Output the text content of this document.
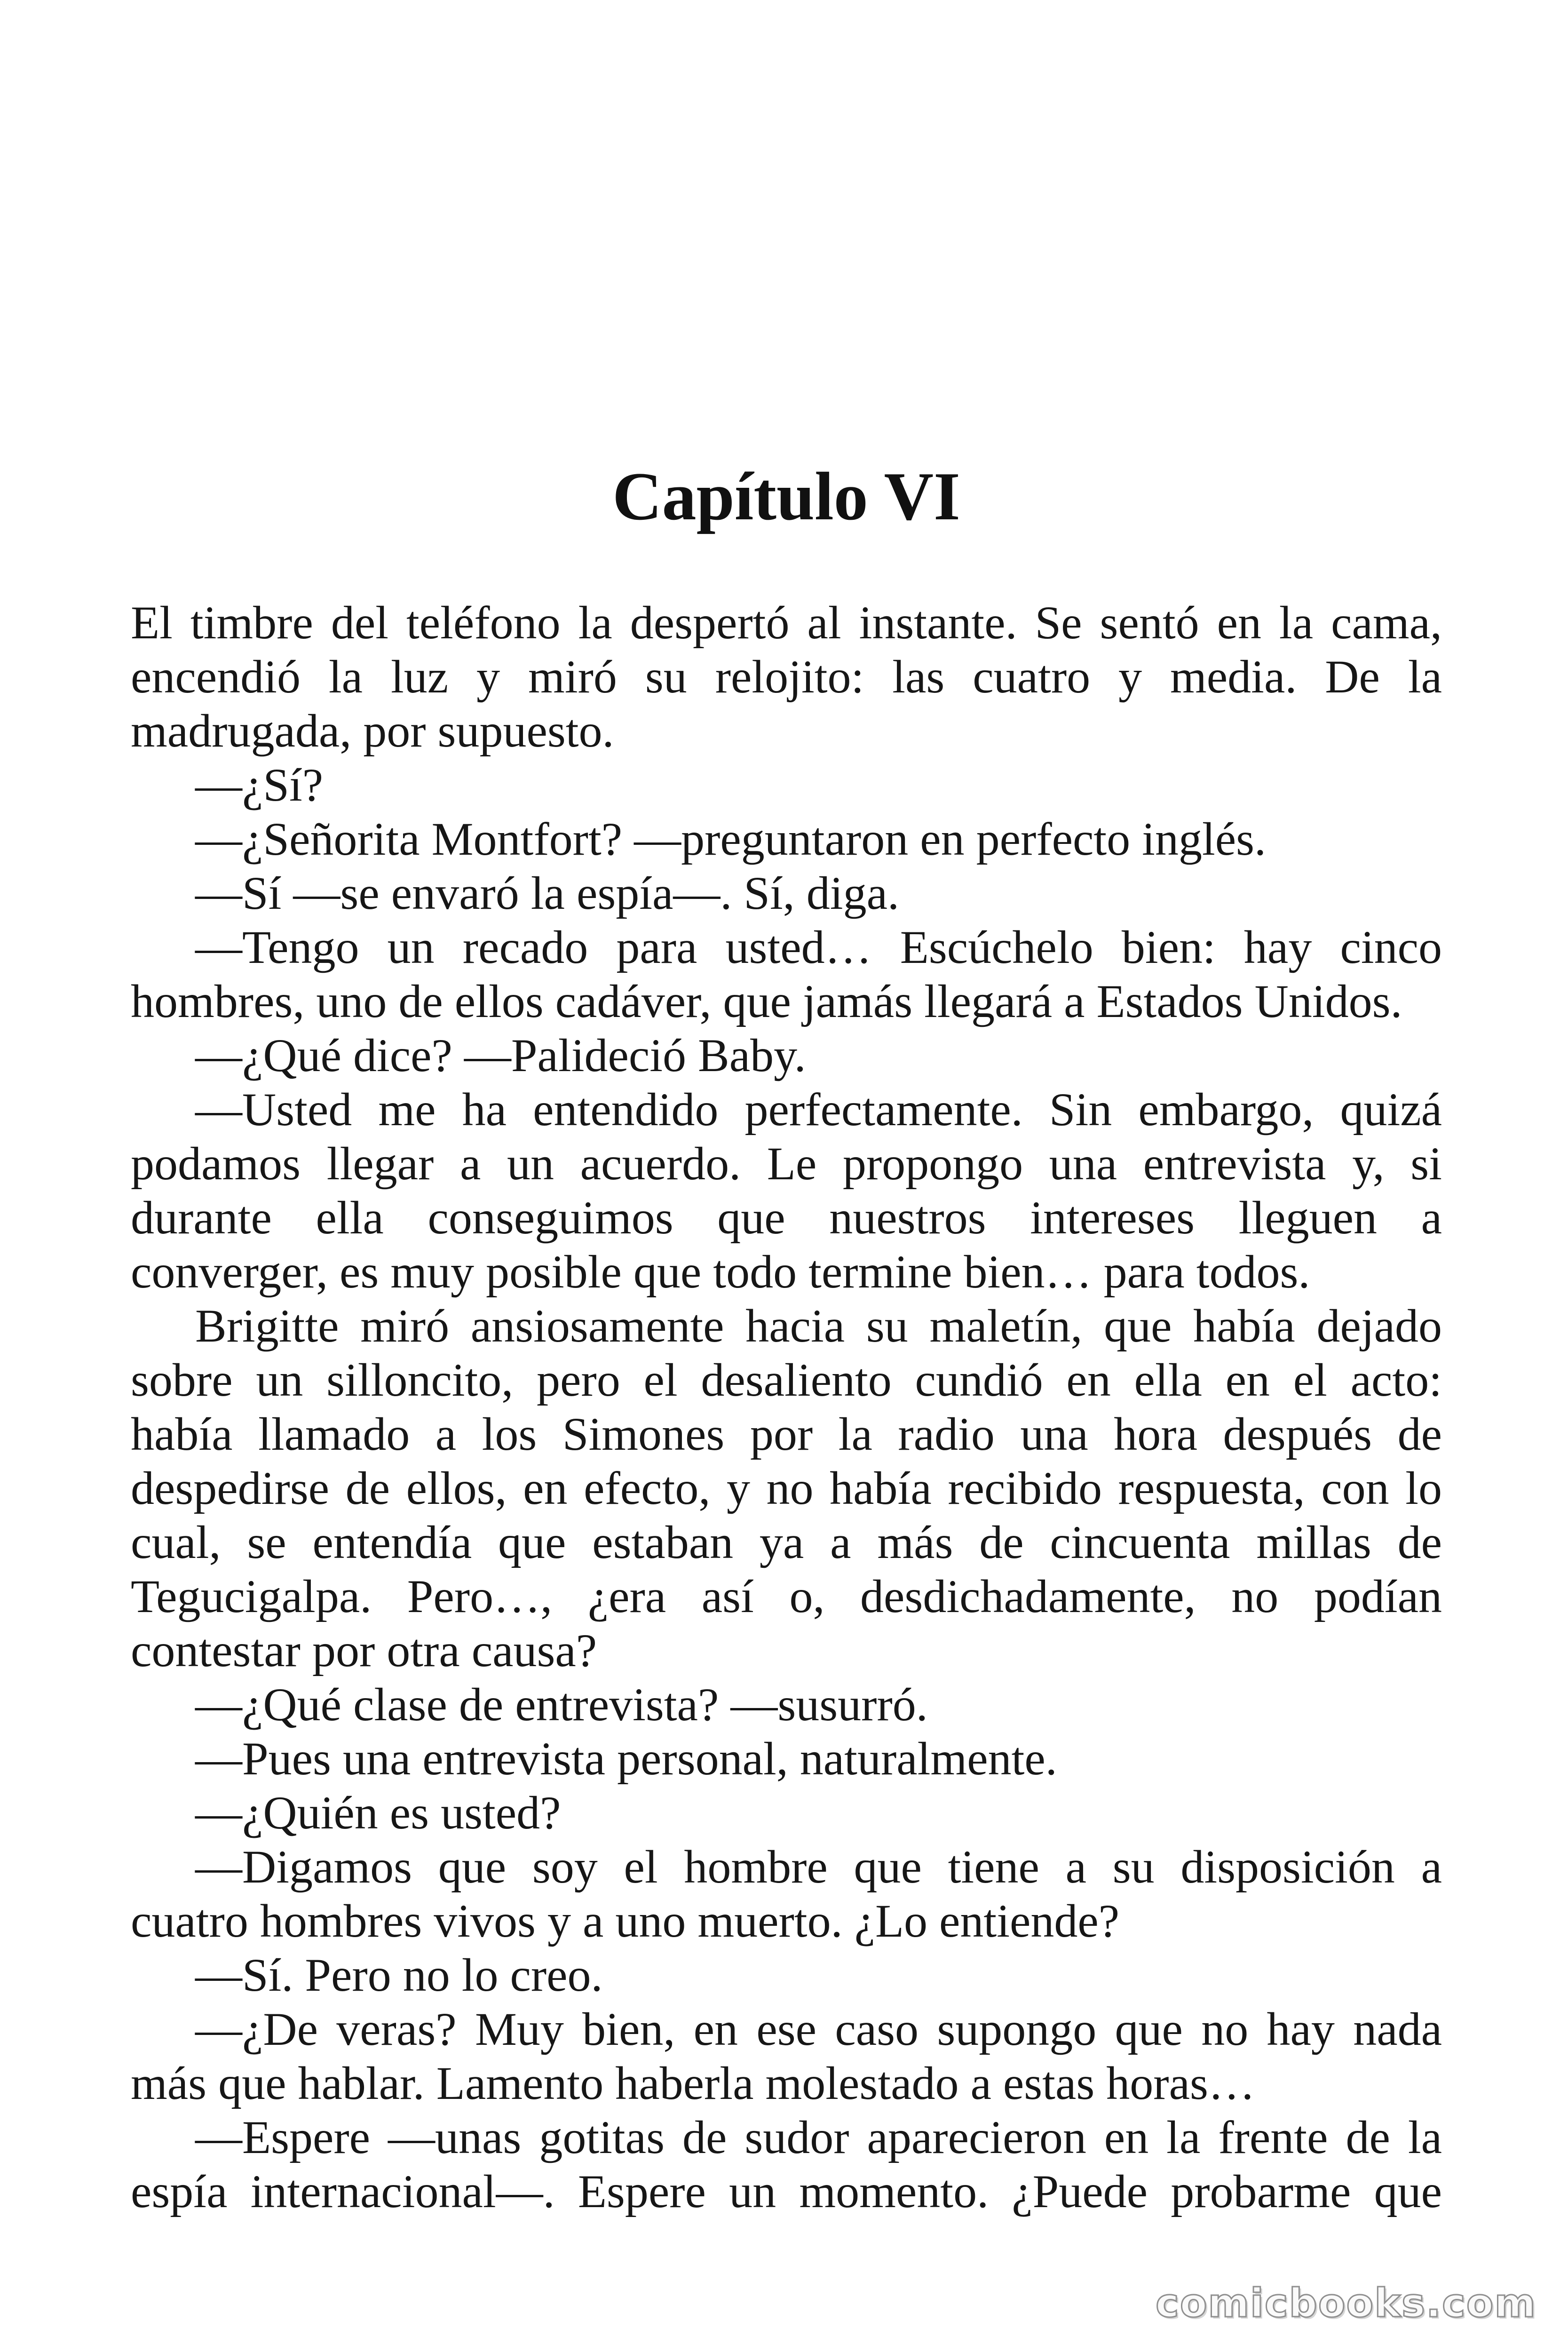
Capítulo VI
El timbre del teléfono la despertó al instante. Se sentó en la cama,
encendió la luz y miró su relojito: las cuatro y media. De la
madrugada, por supuesto.
—¿Sí?
—¿Señorita Montfort? —preguntaron en perfecto inglés.
—Sí —se envaró la espía—. Sí, diga.
—Tengo un recado para usted… Escúchelo bien: hay cinco
hombres, uno de ellos cadáver, que jamás llegará a Estados Unidos.
—¿Qué dice? —Palideció Baby.
—Usted me ha entendido perfectamente. Sin embargo, quizá
podamos llegar a un acuerdo. Le propongo una entrevista y, si
durante ella conseguimos que nuestros intereses lleguen a
converger, es muy posible que todo termine bien… para todos.
Brigitte miró ansiosamente hacia su maletín, que había dejado
sobre un silloncito, pero el desaliento cundió en ella en el acto:
había llamado a los Simones por la radio una hora después de
despedirse de ellos, en efecto, y no había recibido respuesta, con lo
cual, se entendía que estaban ya a más de cincuenta millas de
Tegucigalpa. Pero…, ¿era así o, desdichadamente, no podían
contestar por otra causa?
—¿Qué clase de entrevista? —susurró.
—Pues una entrevista personal, naturalmente.
—¿Quién es usted?
—Digamos que soy el hombre que tiene a su disposición a
cuatro hombres vivos y a uno muerto. ¿Lo entiende?
—Sí. Pero no lo creo.
—¿De veras? Muy bien, en ese caso supongo que no hay nada
más que hablar. Lamento haberla molestado a estas horas…
—Espere —unas gotitas de sudor aparecieron en la frente de la
espía internacional—. Espere un momento. ¿Puede probarme que
comicbooks.com
